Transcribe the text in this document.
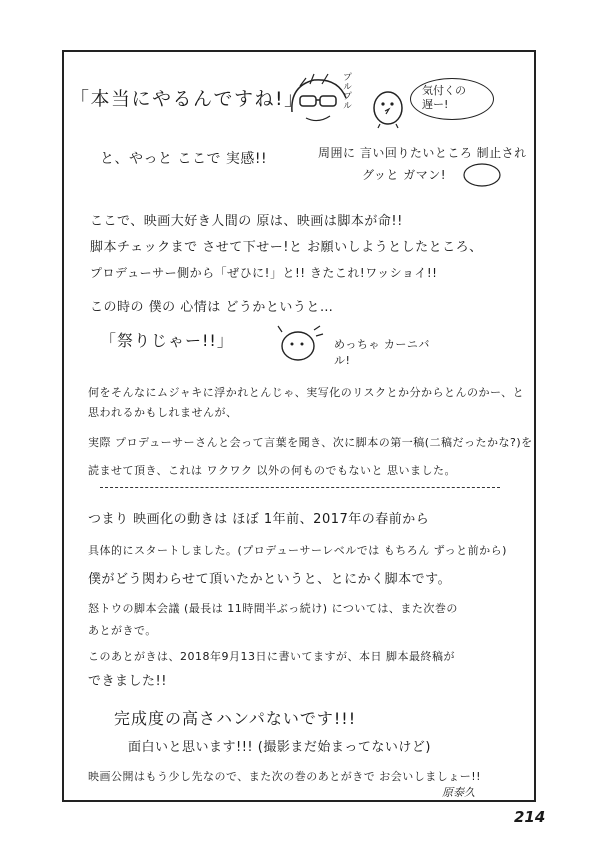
「本当にやるんですね!」	プルプル	気付くの
遅ー!
と、やっと ここで 実感!!	周囲に 言い回りたいところ 制止され
グッと ガマン!
ここで、映画大好き人間の 原は、映画は脚本が命!!
脚本チェックまで させて下せー!と お願いしようとしたところ、
プロデューサー側から「ぜひに!」と!! きたこれ!ワッショイ!!
この時の 僕の 心情は どうかというと…
「祭りじゃー!!」	めっちゃ カーニバル!
何をそんなにムジャキに浮かれとんじゃ、実写化のリスクとか分からとんのかー、と
思われるかもしれませんが、
実際 プロデューサーさんと会って言葉を聞き、次に脚本の第一稿(二稿だったかな?)を
読ませて頂き、これは ワクワク 以外の何ものでもないと 思いました。
つまり 映画化の動きは ほぼ 1年前、2017年の春前から
具体的にスタートしました。(プロデューサーレベルでは もちろん ずっと前から)
僕がどう関わらせて頂いたかというと、とにかく脚本です。
怒トウの脚本会議 (最長は 11時間半ぶっ続け) については、また次巻の
あとがきで。
このあとがきは、2018年9月13日に書いてますが、本日 脚本最終稿が
できました!!
完成度の高さハンパないです!!!
面白いと思います!!! (撮影まだ始まってないけど)
映画公開はもう少し先なので、また次の巻のあとがきで お会いしましょー!!
原泰久
214
